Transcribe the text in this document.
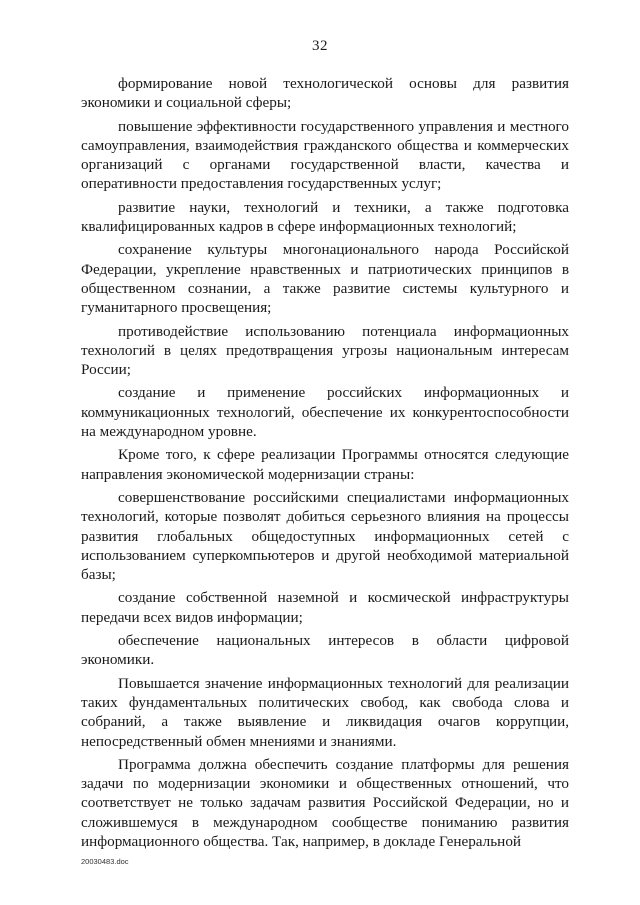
32

формирование новой технологической основы для развития экономики и социальной сферы;

повышение эффективности государственного управления и местного самоуправления, взаимодействия гражданского общества и коммерческих организаций с органами государственной власти, качества и оперативности предоставления государственных услуг;

развитие науки, технологий и техники, а также подготовка квалифицированных кадров в сфере информационных технологий;

сохранение культуры многонационального народа Российской Федерации, укрепление нравственных и патриотических принципов в общественном сознании, а также развитие системы культурного и гуманитарного просвещения;

противодействие использованию потенциала информационных технологий в целях предотвращения угрозы национальным интересам России;

создание и применение российских информационных и коммуникационных технологий, обеспечение их конкурентоспособности на международном уровне.

Кроме того, к сфере реализации Программы относятся следующие направления экономической модернизации страны:

совершенствование российскими специалистами информационных технологий, которые позволят добиться серьезного влияния на процессы развития глобальных общедоступных информационных сетей с использованием суперкомпьютеров и другой необходимой материальной базы;

создание собственной наземной и космической инфраструктуры передачи всех видов информации;

обеспечение национальных интересов в области цифровой экономики.

Повышается значение информационных технологий для реализации таких фундаментальных политических свобод, как свобода слова и собраний, а также выявление и ликвидация очагов коррупции, непосредственный обмен мнениями и знаниями.

Программа должна обеспечить создание платформы для решения задачи по модернизации экономики и общественных отношений, что соответствует не только задачам развития Российской Федерации, но и сложившемуся в международном сообществе пониманию развития информационного общества. Так, например, в докладе Генеральной

20030483.doc
